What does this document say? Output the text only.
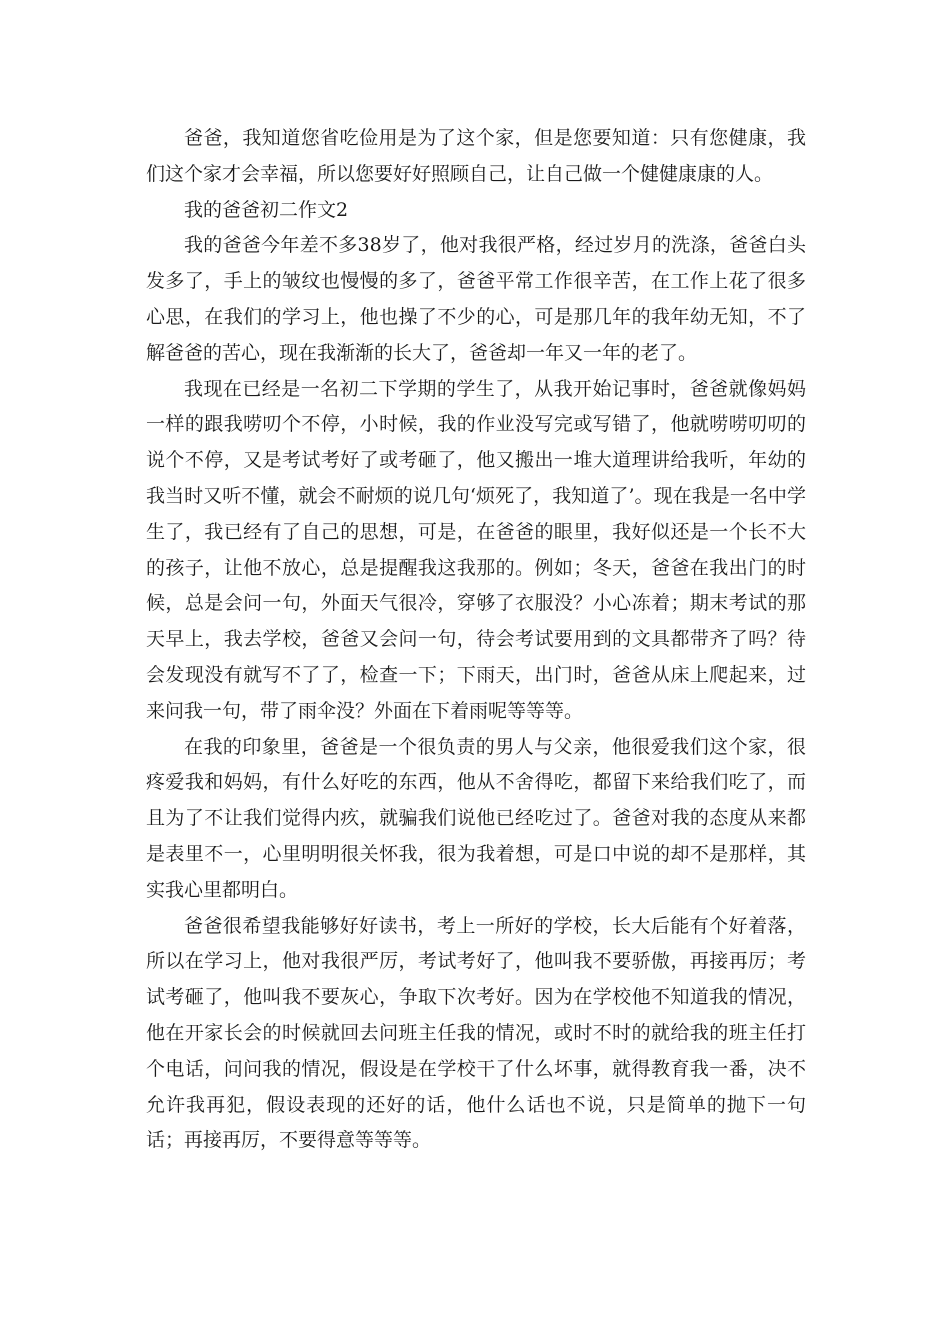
爸爸，我知道您省吃俭用是为了这个家，但是您要知道：只有您健康，我们这个家才会幸福，所以您要好好照顾自己，让自己做一个健健康康的人。

我的爸爸初二作文2

我的爸爸今年差不多38岁了，他对我很严格，经过岁月的洗涤，爸爸白头发多了，手上的皱纹也慢慢的多了，爸爸平常工作很辛苦，在工作上花了很多心思，在我们的学习上，他也操了不少的心，可是那几年的我年幼无知，不了解爸爸的苦心，现在我渐渐的长大了，爸爸却一年又一年的老了。

我现在已经是一名初二下学期的学生了，从我开始记事时，爸爸就像妈妈一样的跟我唠叨个不停，小时候，我的作业没写完或写错了，他就唠唠叨叨的说个不停，又是考试考好了或考砸了，他又搬出一堆大道理讲给我听，年幼的我当时又听不懂，就会不耐烦的说几句‘烦死了，我知道了’。现在我是一名中学生了，我已经有了自己的思想，可是，在爸爸的眼里，我好似还是一个长不大的孩子，让他不放心，总是提醒我这我那的。例如；冬天，爸爸在我出门的时候，总是会问一句，外面天气很冷，穿够了衣服没？小心冻着；期末考试的那天早上，我去学校，爸爸又会问一句，待会考试要用到的文具都带齐了吗？待会发现没有就写不了了，检查一下；下雨天，出门时，爸爸从床上爬起来，过来问我一句，带了雨伞没？外面在下着雨呢等等等。

在我的印象里，爸爸是一个很负责的男人与父亲，他很爱我们这个家，很疼爱我和妈妈，有什么好吃的东西，他从不舍得吃，都留下来给我们吃了，而且为了不让我们觉得内疚，就骗我们说他已经吃过了。爸爸对我的态度从来都是表里不一，心里明明很关怀我，很为我着想，可是口中说的却不是那样，其实我心里都明白。

爸爸很希望我能够好好读书，考上一所好的学校，长大后能有个好着落，所以在学习上，他对我很严厉，考试考好了，他叫我不要骄傲，再接再厉；考试考砸了，他叫我不要灰心，争取下次考好。因为在学校他不知道我的情况，他在开家长会的时候就回去问班主任我的情况，或时不时的就给我的班主任打个电话，问问我的情况，假设是在学校干了什么坏事，就得教育我一番，决不允许我再犯，假设表现的还好的话，他什么话也不说，只是简单的抛下一句话；再接再厉，不要得意等等等。
